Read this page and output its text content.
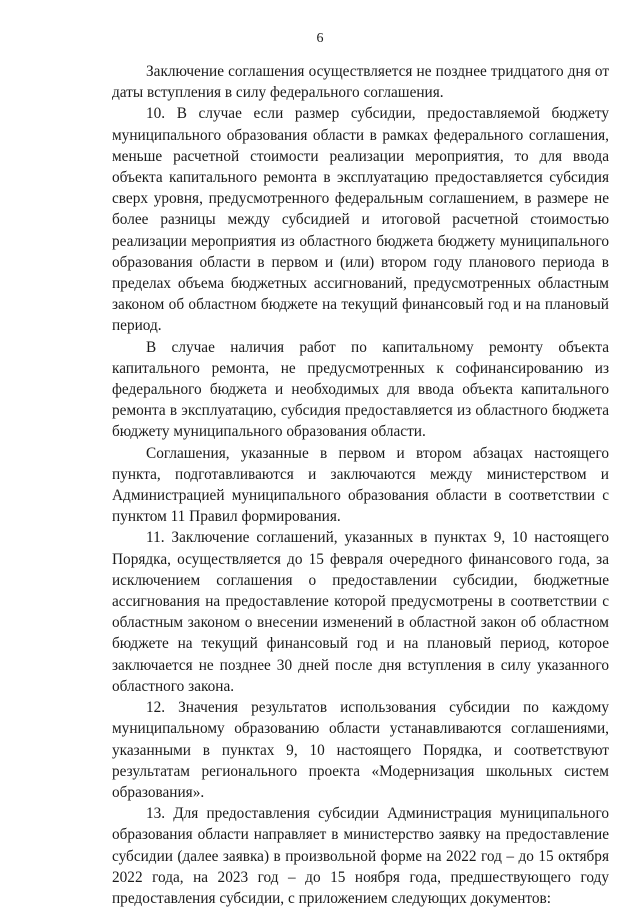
6

Заключение соглашения осуществляется не позднее тридцатого дня от даты вступления в силу федерального соглашения.

10. В случае если размер субсидии, предоставляемой бюджету муниципального образования области в рамках федерального соглашения, меньше расчетной стоимости реализации мероприятия, то для ввода объекта капитального ремонта в эксплуатацию предоставляется субсидия сверх уровня, предусмотренного федеральным соглашением, в размере не более разницы между субсидией и итоговой расчетной стоимостью реализации мероприятия из областного бюджета бюджету муниципального образования области в первом и (или) втором году планового периода в пределах объема бюджетных ассигнований, предусмотренных областным законом об областном бюджете на текущий финансовый год и на плановый период.

В случае наличия работ по капитальному ремонту объекта капитального ремонта, не предусмотренных к софинансированию из федерального бюджета и необходимых для ввода объекта капитального ремонта в эксплуатацию, субсидия предоставляется из областного бюджета бюджету муниципального образования области.

Соглашения, указанные в первом и втором абзацах настоящего пункта, подготавливаются и заключаются между министерством и Администрацией муниципального образования области в соответствии с пунктом 11 Правил формирования.

11. Заключение соглашений, указанных в пунктах 9, 10 настоящего Порядка, осуществляется до 15 февраля очередного финансового года, за исключением соглашения о предоставлении субсидии, бюджетные ассигнования на предоставление которой предусмотрены в соответствии с областным законом о внесении изменений в областной закон об областном бюджете на текущий финансовый год и на плановый период, которое заключается не позднее 30 дней после дня вступления в силу указанного областного закона.

12. Значения результатов использования субсидии по каждому муниципальному образованию области устанавливаются соглашениями, указанными в пунктах 9, 10 настоящего Порядка, и соответствуют результатам регионального проекта «Модернизация школьных систем образования».

13. Для предоставления субсидии Администрация муниципального образования области направляет в министерство заявку на предоставление субсидии (далее заявка) в произвольной форме на 2022 год – до 15 октября 2022 года, на 2023 год – до 15 ноября года, предшествующего году предоставления субсидии, с приложением следующих документов:
